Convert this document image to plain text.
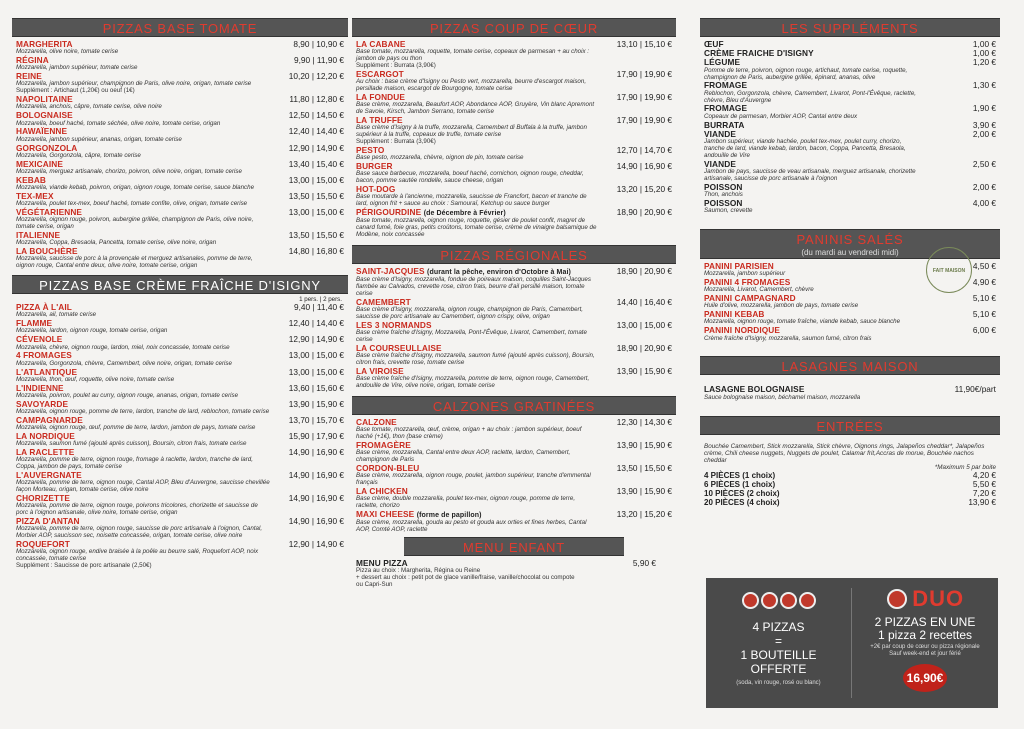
PIZZAS BASE TOMATE
MARGHERITA
Mozzarella, olive noire, tomate cerise
8,90 | 10,90 €
RÉGINA
Mozzarella, jambon supérieur, tomate cerise
9,90 | 11,90 €
REINE
Mozzarella, jambon supérieur, champignon de Paris, olive noire, origan, tomate cerise
Supplément : Artichaut (1,20€) ou oeuf (1€)
10,20 | 12,20 €
NAPOLITAINE
Mozzarella, anchois, câpre, tomate cerise, olive noire
11,80 | 12,80 €
BOLOGNAISE
Mozzarella, boeuf haché, tomate séchée, olive noire, tomate cerise, origan
12,50 | 14,50 €
HAWAÏENNE
Mozzarella, jambon supérieur, ananas, origan, tomate cerise
12,40 | 14,40 €
GORGONZOLA
Mozzarella, Gorgonzola, câpre, tomate cerise
12,90 | 14,90 €
MEXICAINE
Mozzarella, merguez artisanale, chorizo, poivron, olive noire, origan, tomate cerise
13,40 | 15,40 €
KEBAB
Mozzarella, viande kebab, poivron, origan, oignon rouge, tomate cerise, sauce blanche
13,00 | 15,00 €
TEX-MEX
Mozzarella, poulet tex-mex, boeuf haché, tomate confite, olive, origan, tomate cerise
13,50 | 15,50 €
VÉGÉTARIENNE
Mozzarella, oignon rouge, poivron, aubergine grillée, champignon de Paris, olive noire, tomate cerise, origan
13,00 | 15,00 €
ITALIENNE
Mozzarella, Coppa, Bresaola, Pancetta, tomate cerise, olive noire, origan
13,50 | 15,50 €
LA BOUCHÈRE
Mozzarella, saucisse de porc à la provençale et merguez artisanales, pomme de terre, oignon rouge, Cantal entre deux, olive noire, tomate cerise, origan
14,80 | 16,80 €
PIZZAS BASE CRÈME FRAÎCHE D'ISIGNY
1 pers. | 2 pers.
PIZZA À L'AIL
Mozzarella, ail, tomate cerise
9,40 | 11,40 €
FLAMME
Mozzarella, lardon, oignon rouge, tomate cerise, origan
12,40 | 14,40 €
CÉVENOLE
Mozzarella, chèvre, oignon rouge, lardon, miel, noix concassée, tomate cerise
12,90 | 14,90 €
4 FROMAGES
Mozzarella, Gorgonzola, chèvre, Camembert, olive noire, origan, tomate cerise
13,00 | 15,00 €
L'ATLANTIQUE
Mozzarella, thon, œuf, roquette, olive noire, tomate cerise
13,00 | 15,00 €
L'INDIENNE
Mozzarella, poivron, poulet au curry, oignon rouge, ananas, origan, tomate cerise
13,60 | 15,60 €
SAVOYARDE
Mozzarella, oignon rouge, pomme de terre, lardon, tranche de lard, reblochon, tomate cerise
13,90 | 15,90 €
CAMPAGNARDE
Mozzarella, oignon rouge, œuf, pomme de terre, lardon, jambon de pays, tomate cerise
13,70 | 15,70 €
LA NORDIQUE
Mozzarella, saumon fumé (ajouté après cuisson), Boursin, citron frais, tomate cerise
15,90 | 17,90 €
LA RACLETTE
Mozzarella, pomme de terre, oignon rouge, fromage à raclette, lardon, tranche de lard, Coppa, jambon de pays, tomate cerise
14,90 | 16,90 €
L'AUVERGNATE
Mozzarella, pomme de terre, oignon rouge, Cantal AOP, Bleu d'Auvergne, saucisse chevillée façon Morteau, origan, tomate cerise, olive noire
14,90 | 16,90 €
CHORIZETTE
Mozzarella, pomme de terre, oignon rouge, poivrons tricolores, chorizette et saucisse de porc à l'oignon artisanale, olive noire, tomate cerise, origan
14,90 | 16,90 €
PIZZA D'ANTAN
Mozzarella, pomme de terre, oignon rouge, saucisse de porc artisanale à l'oignon, Cantal, Morbier AOP, saucisson sec, noisette concassée, origan, tomate cerise, olive noire
14,90 | 16,90 €
ROQUEFORT
Mozzarella, oignon rouge, endive braisée à la poêle au beurre salé, Roquefort AOP, noix concassée, tomate cerise
Supplément : Saucisse de porc artisanale (2,50€)
12,90 | 14,90 €
PIZZAS COUP DE CŒUR
LA CABANE
Base tomate, mozzarella, roquette, tomate cerise, copeaux de parmesan + au choix : jambon de pays ou thon
Supplément : Burrata (3,90€)
13,10 | 15,10 €
ESCARGOT
Au choix : base crème d'Isigny ou Pesto vert, mozzarella, beurre d'escargot maison, persillade maison, escargot de Bourgogne, tomate cerise
17,90 | 19,90 €
LA FONDUE
Base crème, mozzarella, Beaufort AOP, Abondance AOP, Gruyère, Vin blanc Apremont de Savoie, Kirsch, Jambon Serrano, tomate cerise
17,90 | 19,90 €
LA TRUFFE
Base crème d'Isigny à la truffe, mozzarella, Camembert di Buffala à la truffe, jambon supérieur à la truffe, copeaux de truffe, tomate cerise
Supplément : Burrata (3,90€)
17,90 | 19,90 €
PESTO
Base pesto, mozzarella, chèvre, oignon de pin, tomate cerise
12,70 | 14,70 €
BURGER
Base sauce barbecue, mozzarella, boeuf haché, cornichon, oignon rouge, cheddar, bacon, pomme sautée rondelle, sauce cheese, origan
14,90 | 16,90 €
HOT-DOG
Base moutarde à l'ancienne, mozzarella, saucisse de Francfort, bacon et tranche de lard, oignon frit + sauce au choix : Samouraï, Ketchup ou sauce burger
13,20 | 15,20 €
PÉRIGOURDINE (de Décembre à Février)
Base tomate, mozzarella, oignon rouge, roquette, gésier de poulet confit, magret de canard fumé, foie gras, petits croûtons, tomate cerise, crème de vinaigre balsamique de Modène, noix concassée
18,90 | 20,90 €
PIZZAS RÉGIONALES
SAINT-JACQUES (durant la pêche, environ d'Octobre à Mai)
Base crème d'Isigny, mozzarella, fondue de poireaux maison, coquilles Saint-Jacques flambée au Calvados, crevette rose, citron frais, beurre d'ail persillé maison, tomate cerise
18,90 | 20,90 €
CAMEMBERT
Base crème d'Isigny, mozzarella, oignon rouge, champignon de Paris, Camembert, saucisse de porc artisanale au Camembert, oignon crispy, olive, origan
14,40 | 16,40 €
LES 3 NORMANDS
Base crème fraîche d'Isigny, Mozzarella, Pont-l'Évêque, Livarot, Camembert, tomate cerise
13,00 | 15,00 €
LA COURSEULLAISE
Base crème fraîche d'Isigny, mozzarella, saumon fumé (ajouté après cuisson), Boursin, citron frais, crevette rose, tomate cerise
18,90 | 20,90 €
LA VIROISE
Base crème fraîche d'Isigny, mozzarella, pomme de terre, oignon rouge, Camembert, andouille de Vire, olive noire, origan, tomate cerise
13,90 | 15,90 €
CALZONES GRATINÉES
CALZONE
Base tomate, mozzarella, œuf, crème, origan + au choix : jambon supérieur, boeuf haché (+1€), thon (base crème)
12,30 | 14,30 €
FROMAGÈRE
Base crème, mozzarella, Cantal entre deux AOP, raclette, lardon, Camembert, champignon de Paris
13,90 | 15,90 €
CORDON-BLEU
Base crème, mozzarella, oignon rouge, poulet, jambon supérieur, tranche d'emmental français
13,50 | 15,50 €
LA CHICKEN
Base crème, double mozzarella, poulet tex-mex, oignon rouge, pomme de terre, raclette, chorizo
13,90 | 15,90 €
MAXI CHEESE (forme de papillon)
Base crème, mozzarella, gouda au pesto et gouda aux orties et fines herbes, Cantal AOP, Comté AOP, raclette
13,20 | 15,20 €
MENU ENFANT
MENU PIZZA
Pizza au choix : Margherita, Régina ou Reine
+ dessert au choix : petit pot de glace vanille/fraise, vanille/chocolat ou compote
ou Capri-Sun
5,90 €
LES SUPPLÉMENTS
ŒUF	1,00 €
CRÈME FRAICHE D'ISIGNY	1,00 €
LÉGUME
Pomme de terre, poivron, oignon rouge, artichaut, tomate cerise, roquette, champignon de Paris, aubergine grillée, épinard, ananas, olive
1,20 €
FROMAGE
Reblochon, Gorgonzola, chèvre, Camembert, Livarot, Pont-l'Évêque, raclette, chèvre, Bleu d'Auvergne
1,30 €
FROMAGE
Copeaux de parmesan, Morbier AOP, Cantal entre deux
1,90 €
BURRATA	3,90 €
VIANDE
Jambon supérieur, viande hachée, poulet tex-mex, poulet curry, chorizo, tranche de lard, viande kebab, lardon, bacon, Coppa, Pancetta, Bresaola, andouille de Vire
2,00 €
VIANDE
Jambon de pays, saucisse de veau artisanale, merguez artisanale, chorizette artisanale, saucisse de porc artisanale à l'oignon
2,50 €
POISSON
Thon, anchois
2,00 €
POISSON
Saumon, crevette
4,00 €
PANINIS SALÉS
(du mardi au vendredi midi)
PANINI PARISIEN
Mozzarella, jambon supérieur
4,50 €
PANINI 4 FROMAGES
Mozzarella, Livarot, Camembert, chèvre
4,90 €
PANINI CAMPAGNARD
Huile d'olive, mozzarella, jambon de pays, tomate cerise
5,10 €
PANINI KEBAB
Mozzarella, oignon rouge, tomate fraîche, viande kebab, sauce blanche
5,10 €
PANINI NORDIQUE
Crème fraîche d'Isigny, mozzarella, saumon fumé, citron frais
6,00 €
LASAGNES MAISON
LASAGNE BOLOGNAISE
Sauce bolognaise maison, béchamel maison, mozzarella
11,90€/part
ENTRÉES
Bouchée Camembert, Stick mozzarella, Stick chèvre, Oignons rings, Jalapeños cheddar*, Jalapeños crème, Chili cheese nuggets, Nuggets de poulet, Calamar frit,Accras de morue, Bouchée nachos cheddar
*Maximum 5 par boite
4 PIÈCES (1 choix)	4,20 €
6 PIÈCES (1 choix)	5,50 €
10 PIÈCES (2 choix)	7,20 €
20 PIÈCES (4 choix)	13,90 €
FAIT MAISON
4 PIZZAS
=
1 BOUTEILLE
OFFERTE
(soda, vin rouge, rosé ou blanc)
DUO
2 PIZZAS EN UNE
1 pizza 2 recettes
+2€ par coup de cœur ou pizza régionale
Sauf week-end et jour férié
16,90€
